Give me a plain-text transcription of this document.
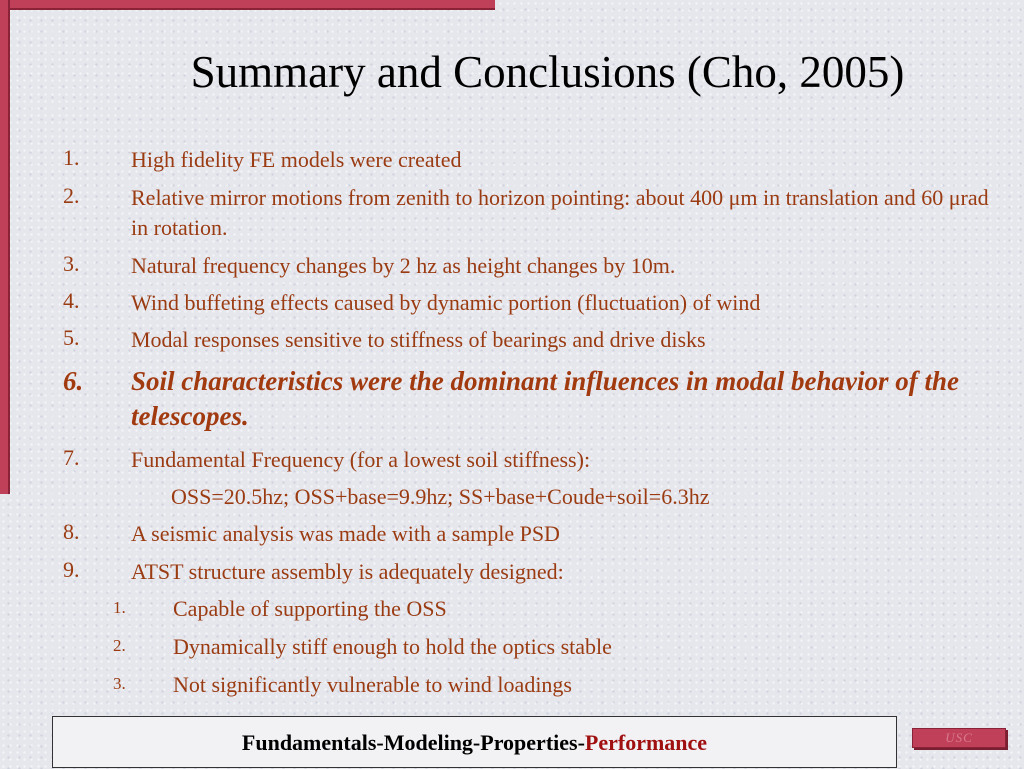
Summary and Conclusions (Cho, 2005)
1. High fidelity FE models were created
2. Relative mirror motions from zenith to horizon pointing: about 400 μm in translation and 60 μrad in rotation.
3. Natural frequency changes by 2 hz as height changes by 10m.
4. Wind buffeting effects caused by dynamic portion (fluctuation) of wind
5. Modal responses sensitive to stiffness of bearings and drive disks
6. Soil characteristics were the dominant influences in modal behavior of the telescopes.
7. Fundamental Frequency (for a lowest soil stiffness):
OSS=20.5hz; OSS+base=9.9hz; SS+base+Coude+soil=6.3hz
8. A seismic analysis was made with a sample PSD
9. ATST structure assembly is adequately designed:
1. Capable of supporting the OSS
2. Dynamically stiff enough to hold the optics stable
3. Not significantly vulnerable to wind loadings
Fundamentals-Modeling-Properties-Performance	USC
